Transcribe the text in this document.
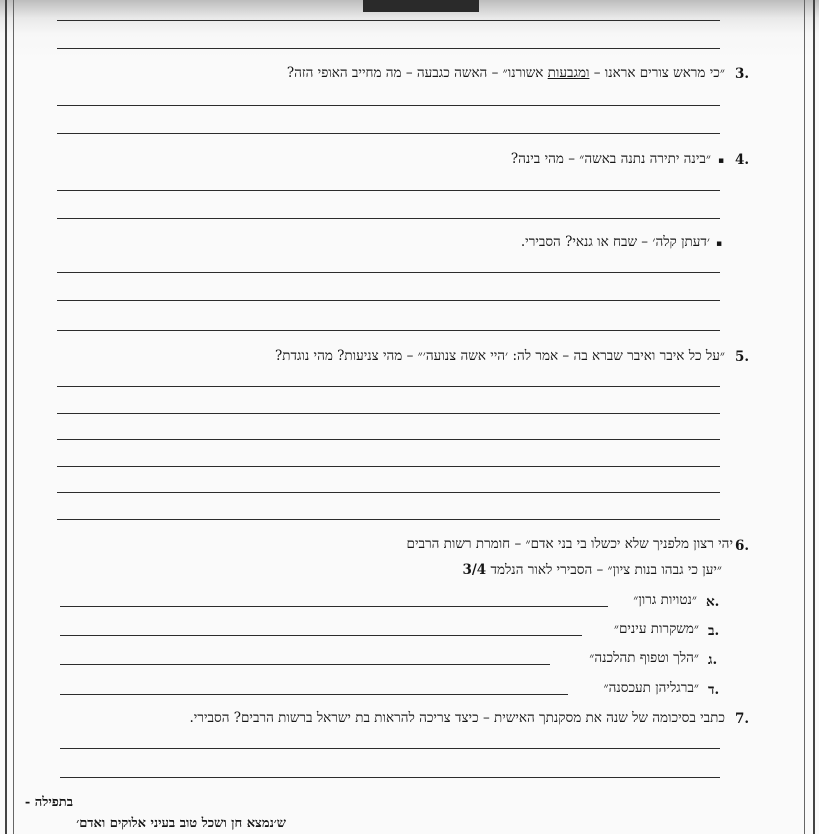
3.
״כי מראש צורים אראנו – ומגבעות אשורנו״ – האשה כגבעה – מה מחייב האופי הזה?
4.
▪
״בינה יתירה נתנה באשה״ – מהי בינה?
▪
׳דעתן קלה׳ – שבח או גנאי? הסבירי.
5.
״על כל איבר ואיבר שברא בה – אמר לה: ׳היי אשה צנועה׳״ – מהי צניעות? מהי נוגדת?
6.
יהי רצון מלפניך שלא יכשלו בי בני אדם״ – חומרת רשות הרבים
״יען כי גבהו בנות ציון״ – הסבירי לאור הנלמד 3/4
א.
״נטויות גרון״
ב.
״משקרות עינים״
ג.
״הלך וטפוף תהלכנה״
ד.
״ברגליהן תעכסנה״
7.
כתבי בסיכומה של שנה את מסקנתך האישית – כיצד צריכה להראות בת ישראל ברשות הרבים? הסבירי.
בתפילה -
ש׳נמצא חן ושכל טוב בעיני אלוקים ואדם׳
